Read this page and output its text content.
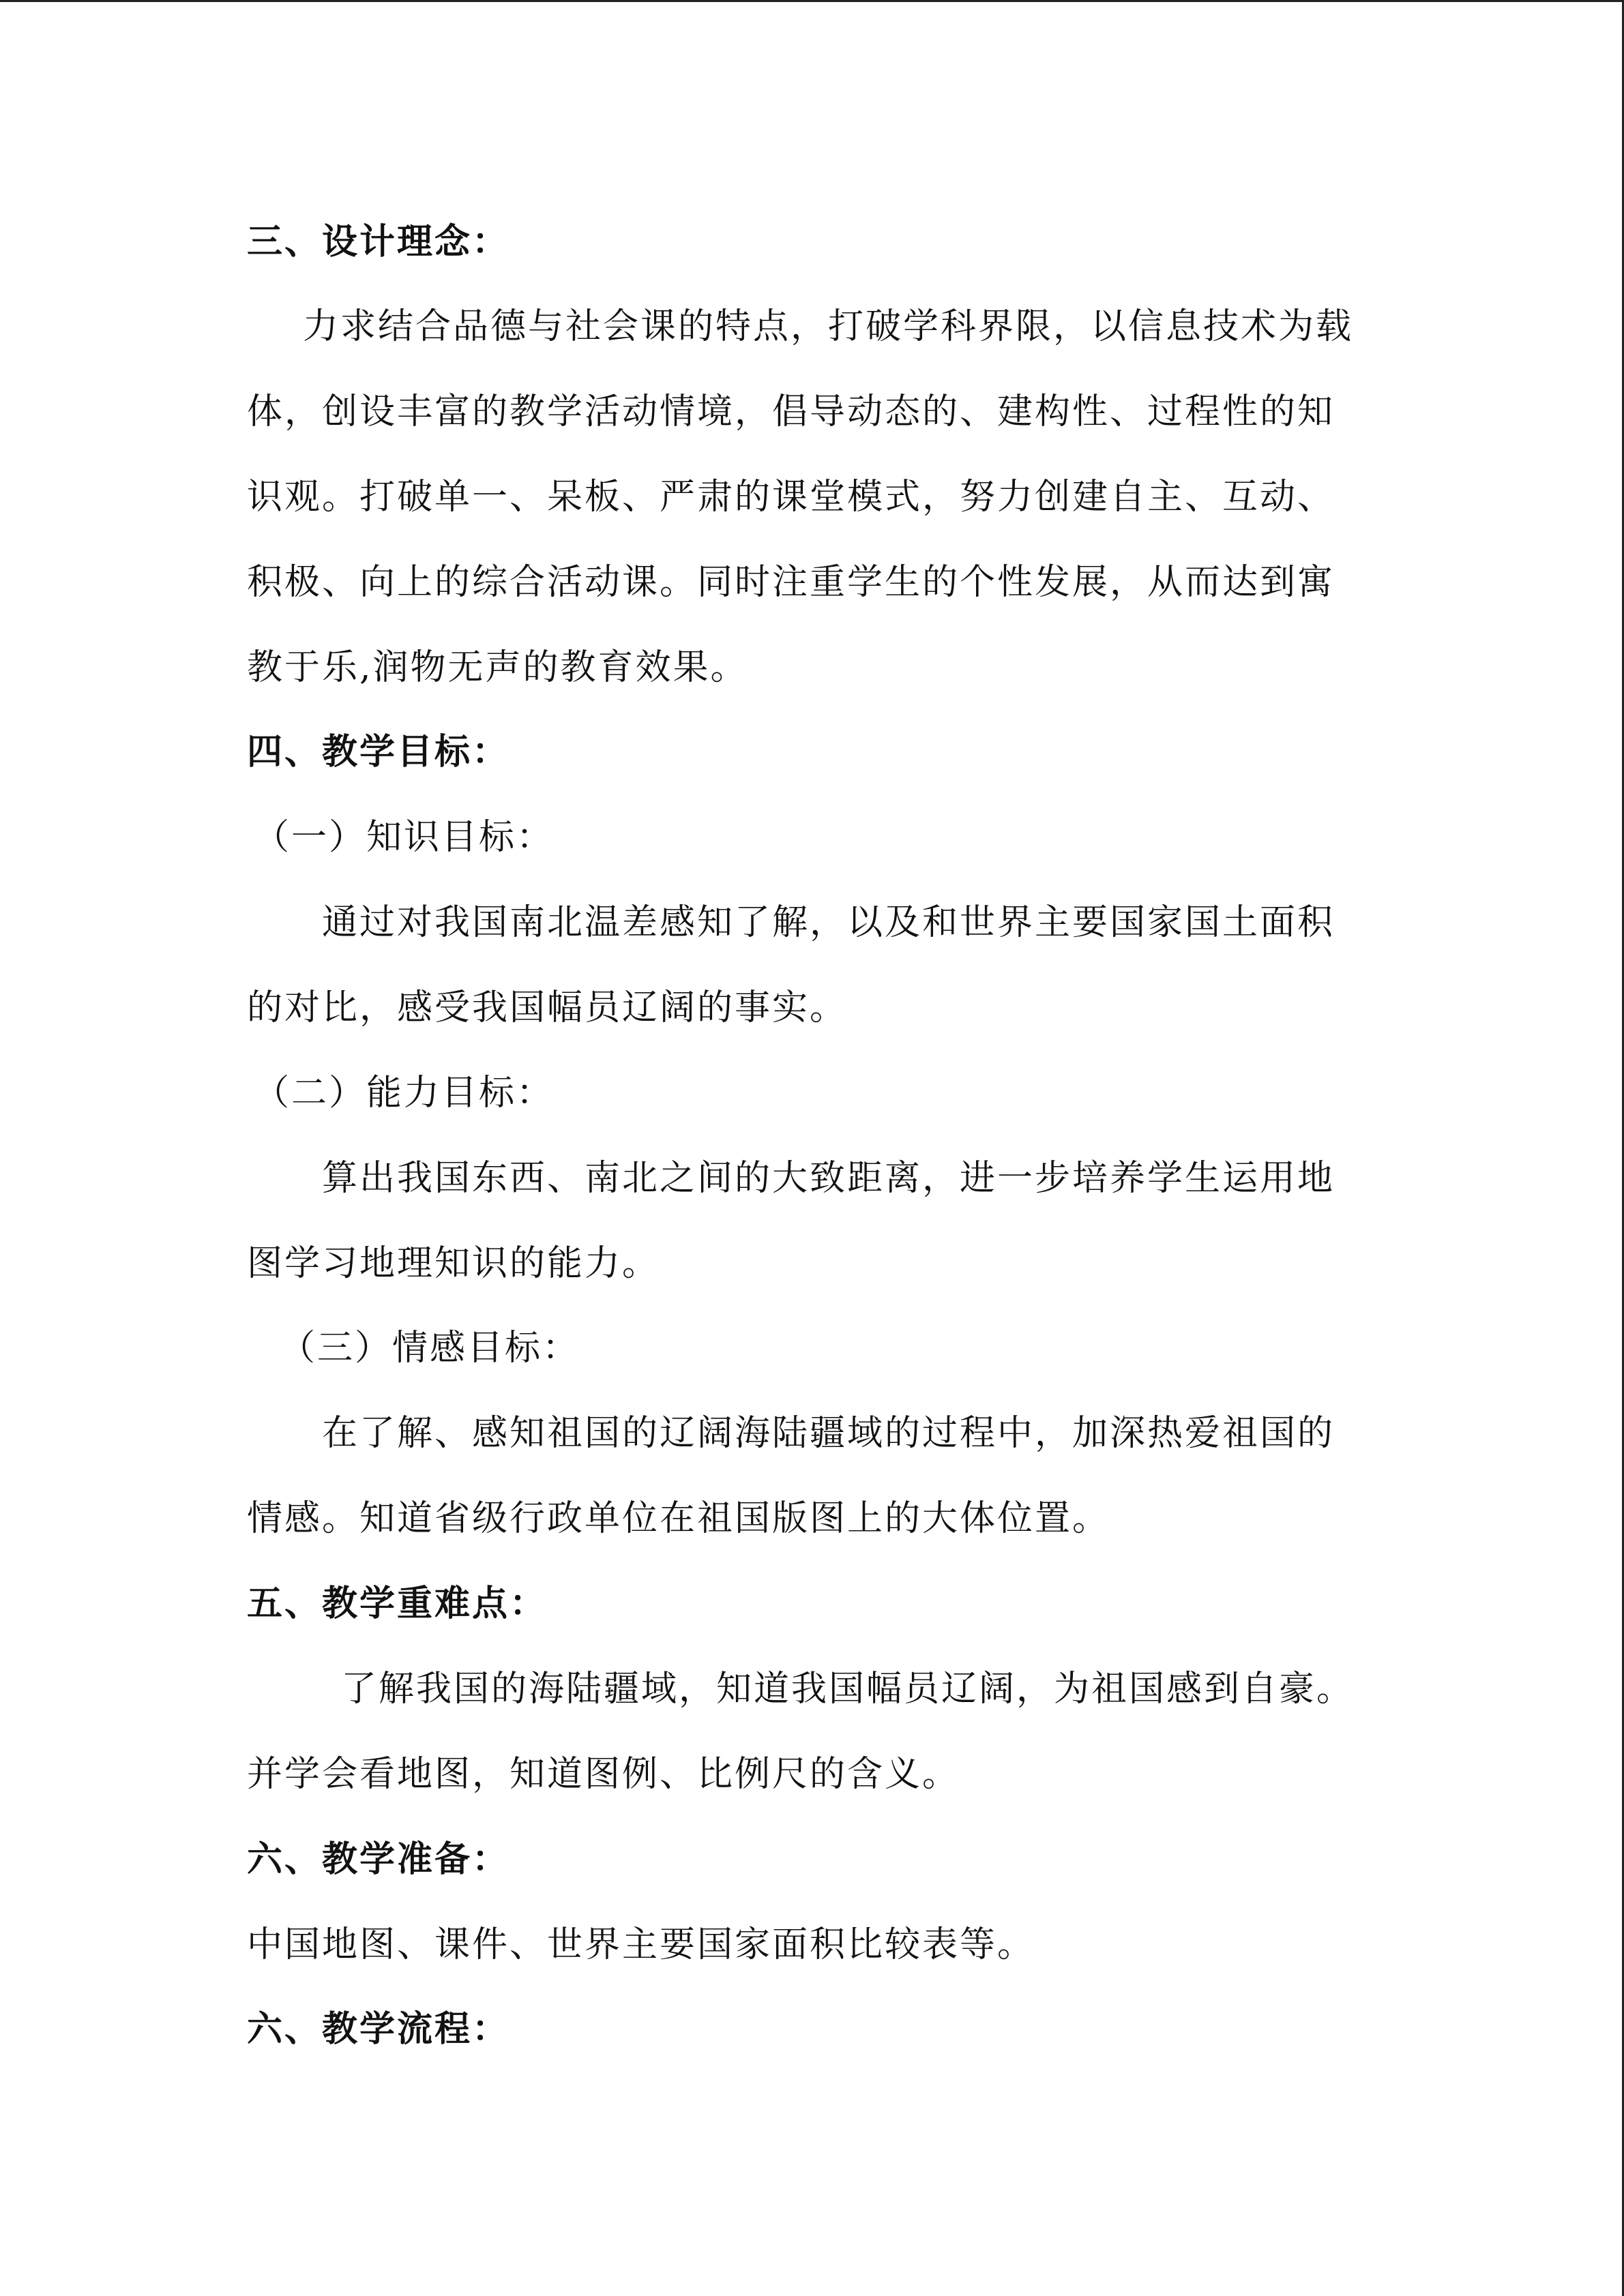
三、设计理念：
力求结合品德与社会课的特点，打破学科界限，以信息技术为载
体，创设丰富的教学活动情境，倡导动态的、建构性、过程性的知
识观。打破单一、呆板、严肃的课堂模式，努力创建自主、互动、
积极、向上的综合活动课。同时注重学生的个性发展，从而达到寓
教于乐,润物无声的教育效果。
四、教学目标：
（一）知识目标：
通过对我国南北温差感知了解，以及和世界主要国家国土面积
的对比，感受我国幅员辽阔的事实。
（二）能力目标：
算出我国东西、南北之间的大致距离，进一步培养学生运用地
图学习地理知识的能力。
（三）情感目标：
在了解、感知祖国的辽阔海陆疆域的过程中，加深热爱祖国的
情感。知道省级行政单位在祖国版图上的大体位置。
五、教学重难点：
了解我国的海陆疆域，知道我国幅员辽阔，为祖国感到自豪。
并学会看地图，知道图例、比例尺的含义。
六、教学准备：
中国地图、课件、世界主要国家面积比较表等。
六、教学流程：
